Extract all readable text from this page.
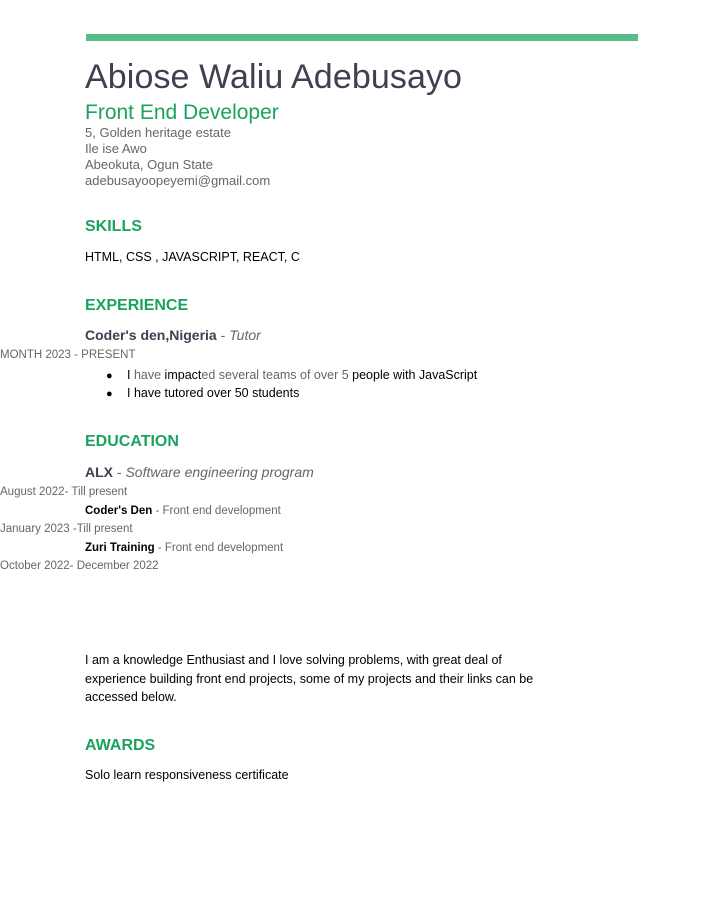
Abiose Waliu Adebusayo
Front End Developer
5, Golden heritage estate
Ile ise Awo
Abeokuta, Ogun State
adebusayoopeyemi@gmail.com
SKILLS
HTML, CSS , JAVASCRIPT, REACT, C
EXPERIENCE
Coder's den,Nigeria - Tutor
MONTH 2023 - PRESENT
● I have impacted several teams of over 5 people with JavaScript
● I have tutored over 50 students
EDUCATION
ALX - Software engineering program
August 2022- Till present
Coder's Den - Front end development
January 2023 -Till present
Zuri Training - Front end development
October 2022- December 2022
I am a knowledge Enthusiast and I love solving problems, with great deal of experience building front end projects, some of my projects and their links can be accessed below.
AWARDS
Solo learn responsiveness certificate
